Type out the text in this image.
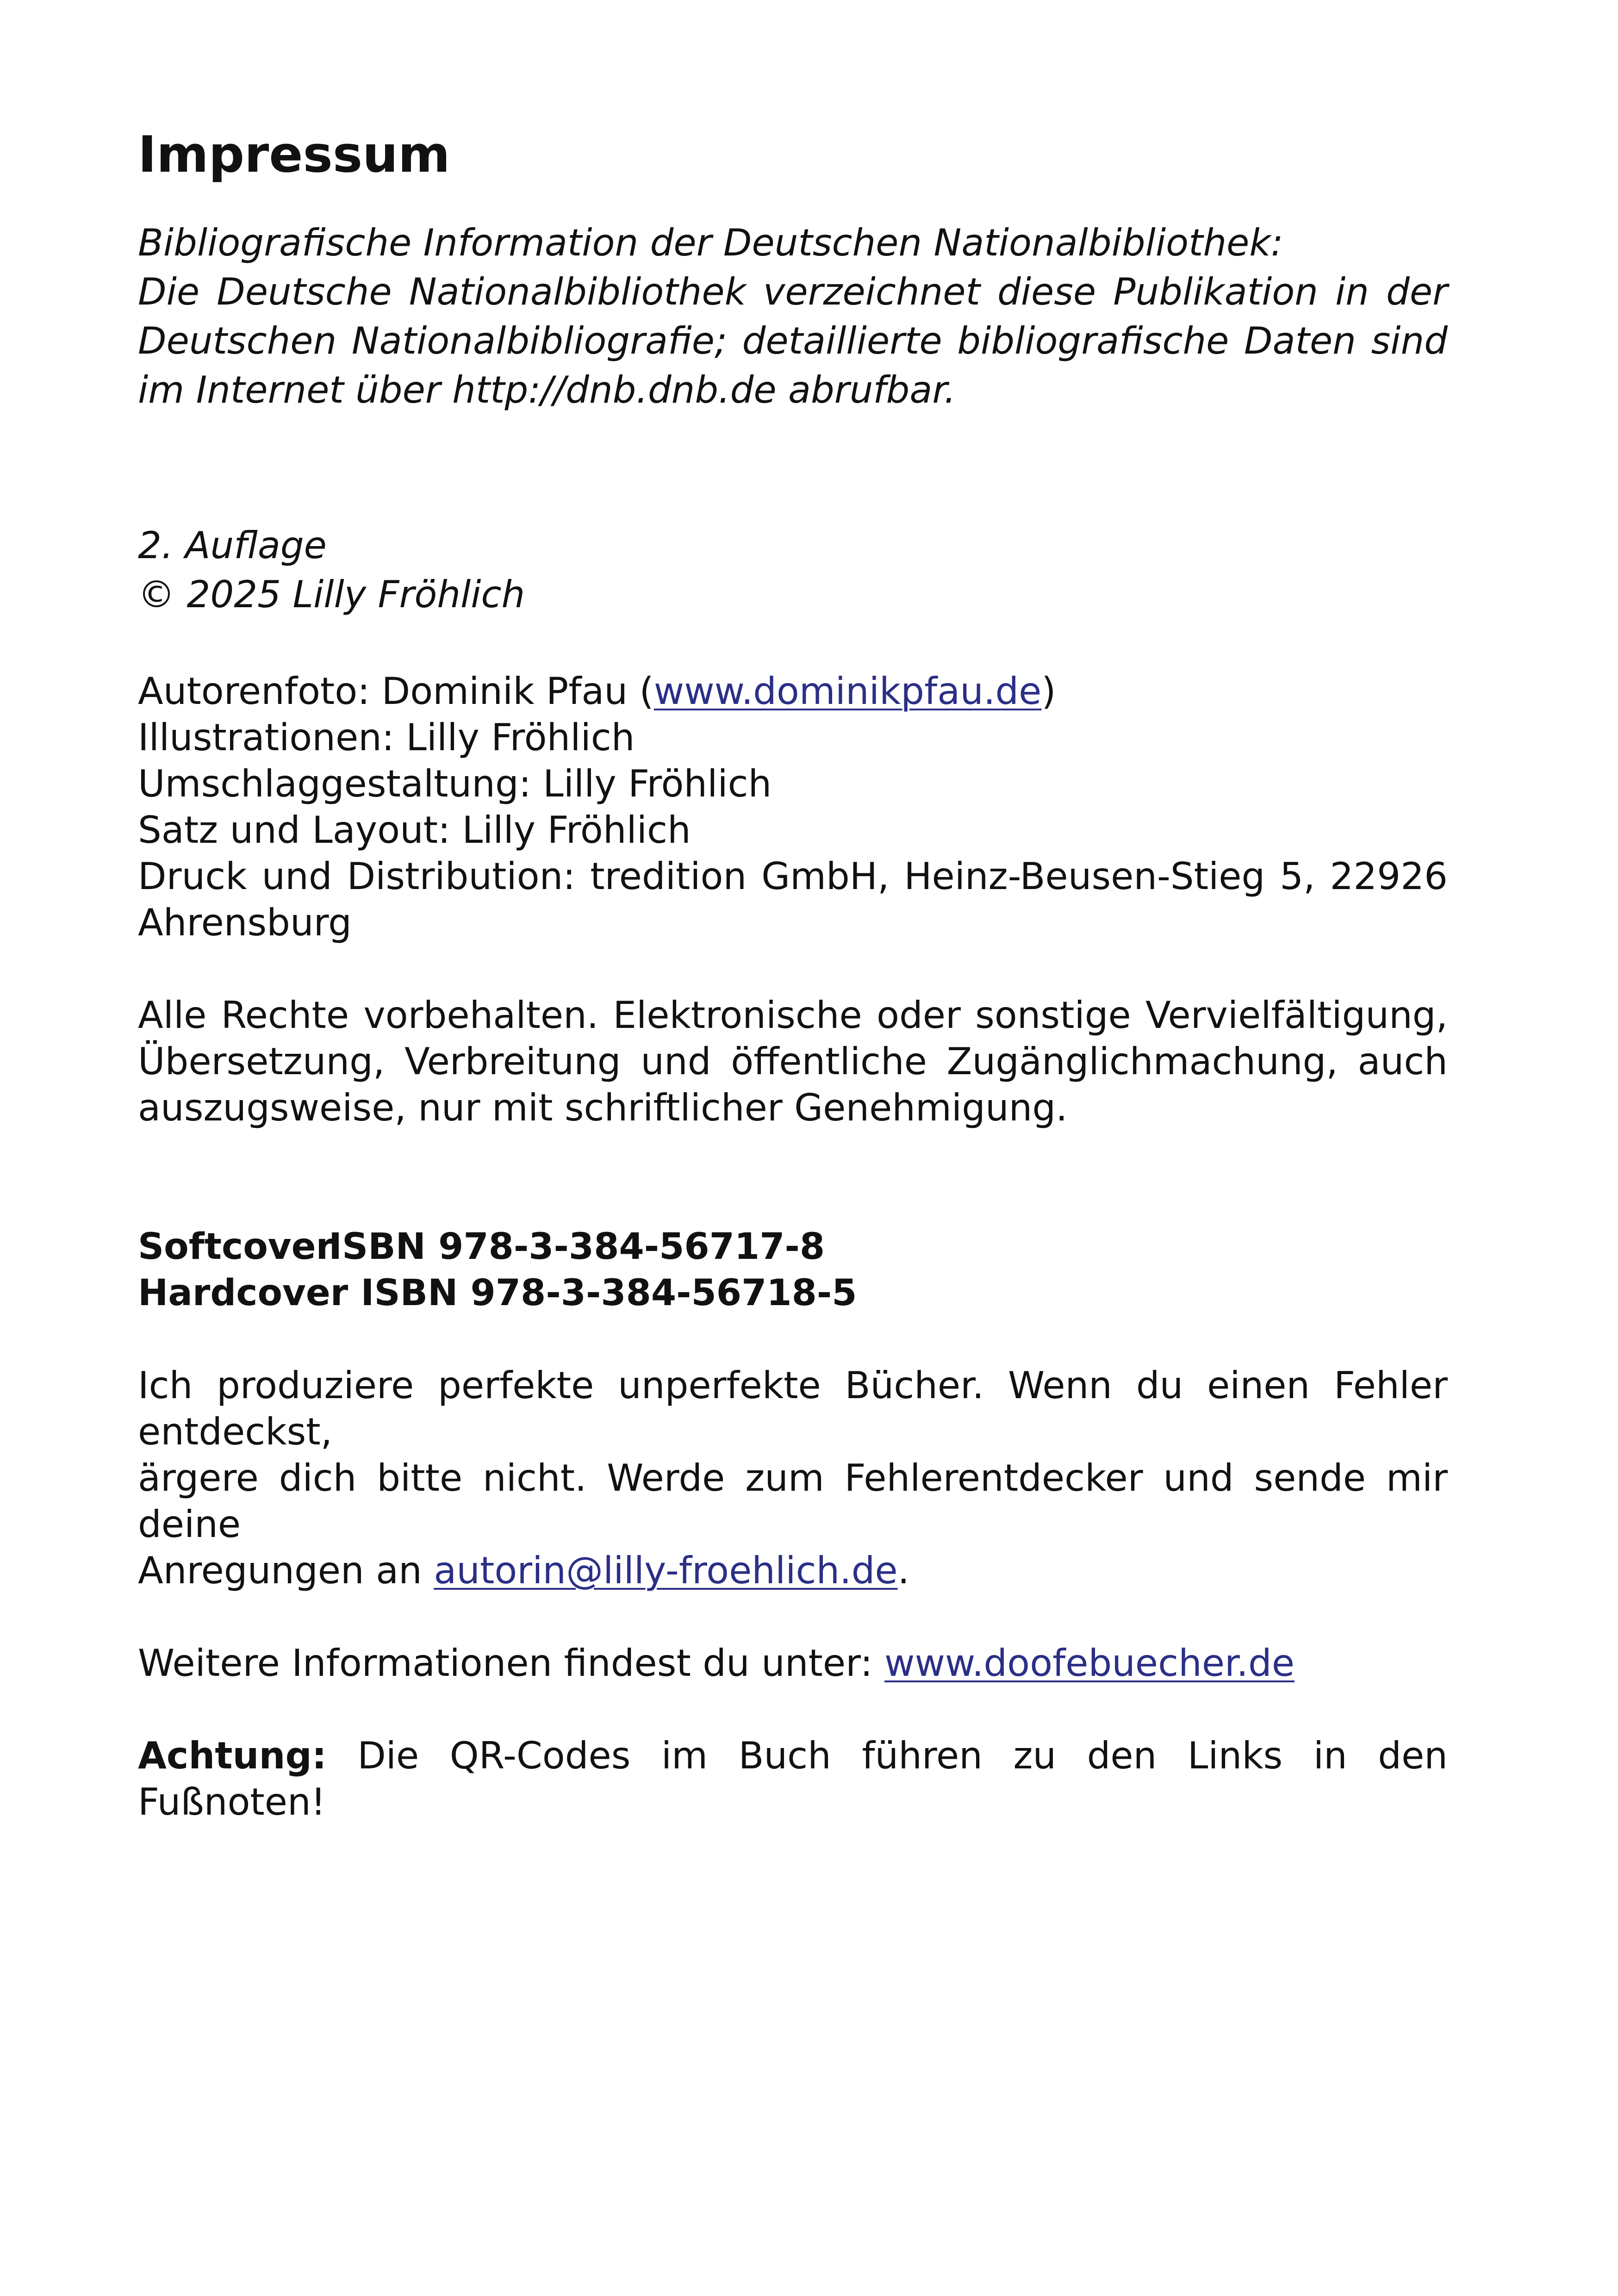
Impressum
Bibliografische Information der Deutschen Nationalbibliothek:
Die Deutsche Nationalbibliothek verzeichnet diese Publikation in der
Deutschen Nationalbibliografie; detaillierte bibliografische Daten sind
im Internet über http://dnb.dnb.de abrufbar.
2. Auflage
© 2025 Lilly Fröhlich
Autorenfoto: Dominik Pfau (www.dominikpfau.de)
Illustrationen: Lilly Fröhlich
Umschlaggestaltung: Lilly Fröhlich
Satz und Layout: Lilly Fröhlich
Druck und Distribution: tredition GmbH, Heinz-Beusen-Stieg 5, 22926
Ahrensburg
Alle Rechte vorbehalten. Elektronische oder sonstige Vervielfältigung,
Übersetzung, Verbreitung und öffentliche Zugänglichmachung, auch
auszugsweise, nur mit schriftlicher Genehmigung.
SoftcoverISBN 978-3-384-56717-8
Hardcover ISBN 978-3-384-56718-5
Ich produziere perfekte unperfekte Bücher. Wenn du einen Fehler entdeckst,
ärgere dich bitte nicht. Werde zum Fehlerentdecker und sende mir deine
Anregungen an autorin@lilly-froehlich.de.
Weitere Informationen findest du unter: www.doofebuecher.de
Achtung: Die QR-Codes im Buch führen zu den Links in den Fußnoten!
